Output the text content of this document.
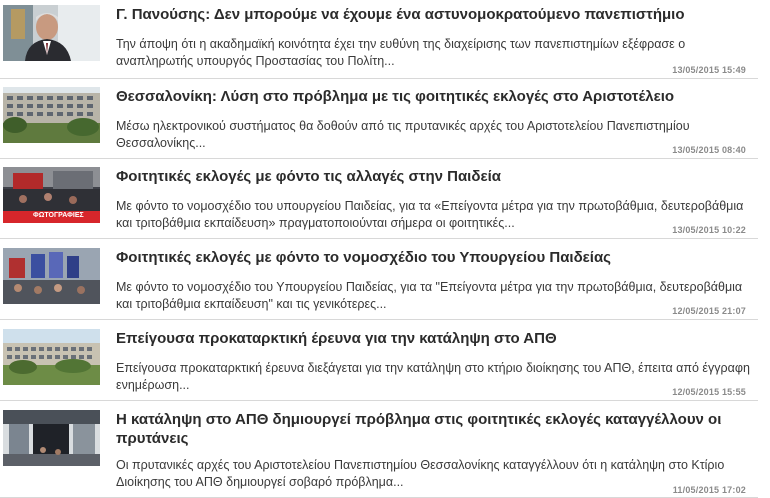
Γ. Πανούσης: Δεν μπορούμε να έχουμε ένα αστυνομοκρατούμενο πανεπιστήμιο

Την άποψη ότι η ακαδημαϊκή κοινότητα έχει την ευθύνη της διαχείρισης των πανεπιστημίων εξέφρασε ο αναπληρωτής υπουργός Προστασίας του Πολίτη...

13/05/2015 15:49
Θεσσαλονίκη: Λύση στο πρόβλημα με τις φοιτητικές εκλογές στο Αριστοτέλειο

Μέσω ηλεκτρονικού συστήματος θα δοθούν από τις πρυτανικές αρχές του Αριστοτελείου Πανεπιστημίου Θεσσαλονίκης...	13/05/2015 08:40
ΦΩΤΟΓΡΑΦΙΕΣ
Φοιτητικές εκλογές με φόντο τις αλλαγές στην Παιδεία

Με φόντο το νομοσχέδιο του υπουργείου Παιδείας, για τα «Επείγοντα μέτρα για την πρωτοβάθμια, δευτεροβάθμια και τριτοβάθμια εκπαίδευση» πραγματοποιούνται σήμερα οι φοιτητικές...	13/05/2015 10:22
Φοιτητικές εκλογές με φόντο το νομοσχέδιο του Υπουργείου Παιδείας

Με φόντο το νομοσχέδιο του Υπουργείου Παιδείας, για τα "Επείγοντα μέτρα για την πρωτοβάθμια, δευτεροβάθμια και τριτοβάθμια εκπαίδευση" και τις γενικότερες...	12/05/2015 21:07
Επείγουσα προκαταρκτική έρευνα για την κατάληψη στο ΑΠΘ

Επείγουσα προκαταρκτική έρευνα διεξάγεται για την κατάληψη στο κτήριο διοίκησης του ΑΠΘ, έπειτα από έγγραφη ενημέρωση...	12/05/2015 15:55
Η κατάληψη στο ΑΠΘ δημιουργεί πρόβλημα στις φοιτητικές εκλογές καταγγέλλουν οι πρυτάνεις

Οι πρυτανικές αρχές του Αριστοτελείου Πανεπιστημίου Θεσσαλονίκης καταγγέλλουν ότι η κατάληψη στο Κτίριο Διοίκησης του ΑΠΘ δημιουργεί σοβαρό πρόβλημα...

11/05/2015 17:02
